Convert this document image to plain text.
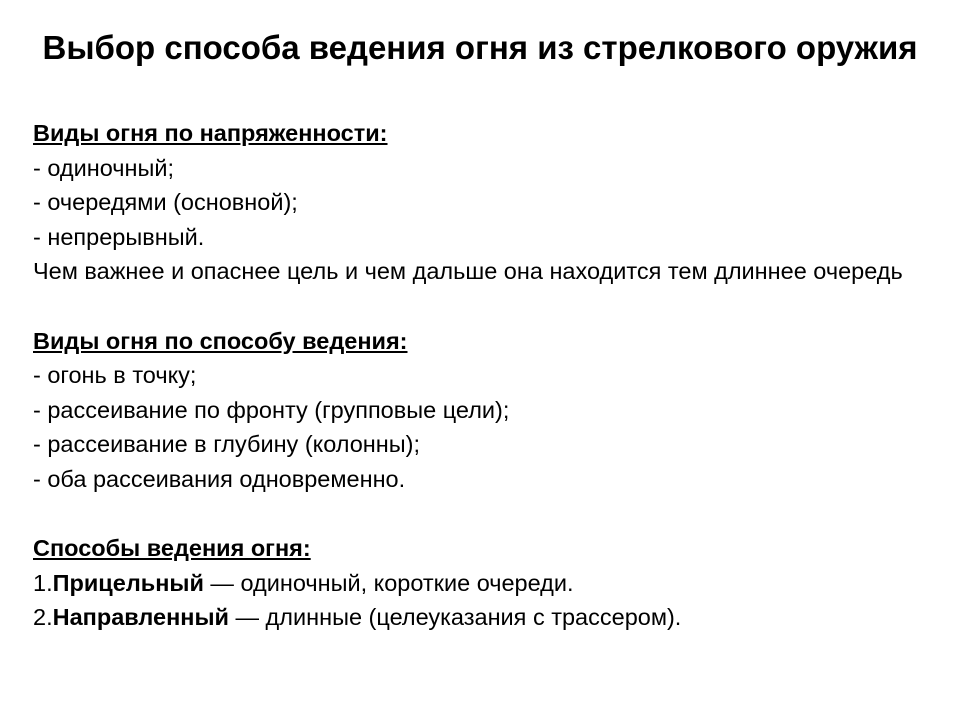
Выбор способа ведения огня из стрелкового оружия
Виды огня по напряженности:
- одиночный;
- очередями (основной);
- непрерывный.
Чем важнее и опаснее цель и чем дальше она находится тем длиннее очередь
Виды огня по способу ведения:
- огонь в точку;
- рассеивание по фронту (групповые цели);
- рассеивание в глубину (колонны);
- оба рассеивания одновременно.
Способы ведения огня:
1.Прицельный — одиночный, короткие очереди.
2.Направленный — длинные (целеуказания с трассером).
